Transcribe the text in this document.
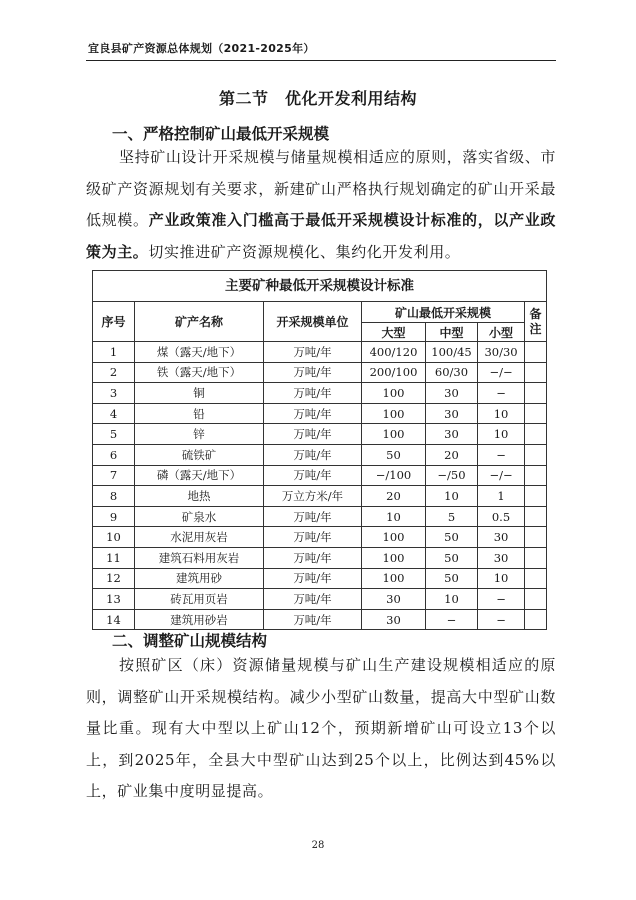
宜良县矿产资源总体规划（2021-2025年）
第二节　优化开发利用结构
一、严格控制矿山最低开采规模

坚持矿山设计开采规模与储量规模相适应的原则，落实省级、市级矿产资源规划有关要求，新建矿山严格执行规划确定的矿山开采最低规模。产业政策准入门槛高于最低开采规模设计标准的，以产业政策为主。切实推进矿产资源规模化、集约化开发利用。

主要矿种最低开采规模设计标准
序号	矿产名称	开采规模单位	矿山最低开采规模			备注
			大型	中型	小型	
1	煤（露天/地下）	万吨/年	400/120	100/45	30/30	
2	铁（露天/地下）	万吨/年	200/100	60/30	−/−	
3	铜	万吨/年	100	30	−	
4	铅	万吨/年	100	30	10	
5	锌	万吨/年	100	30	10	
6	硫铁矿	万吨/年	50	20	−	
7	磷（露天/地下）	万吨/年	−/100	−/50	−/−	
8	地热	万立方米/年	20	10	1	
9	矿泉水	万吨/年	10	5	0.5	
10	水泥用灰岩	万吨/年	100	50	30	
11	建筑石料用灰岩	万吨/年	100	50	30	
12	建筑用砂	万吨/年	100	50	10	
13	砖瓦用页岩	万吨/年	30	10	−	
14	建筑用砂岩	万吨/年	30	−	−	
二、调整矿山规模结构

按照矿区（床）资源储量规模与矿山生产建设规模相适应的原则，调整矿山开采规模结构。减少小型矿山数量，提高大中型矿山数量比重。现有大中型以上矿山12个，预期新增矿山可设立13个以上，到2025年，全县大中型矿山达到25个以上，比例达到45%以上，矿业集中度明显提高。

28
